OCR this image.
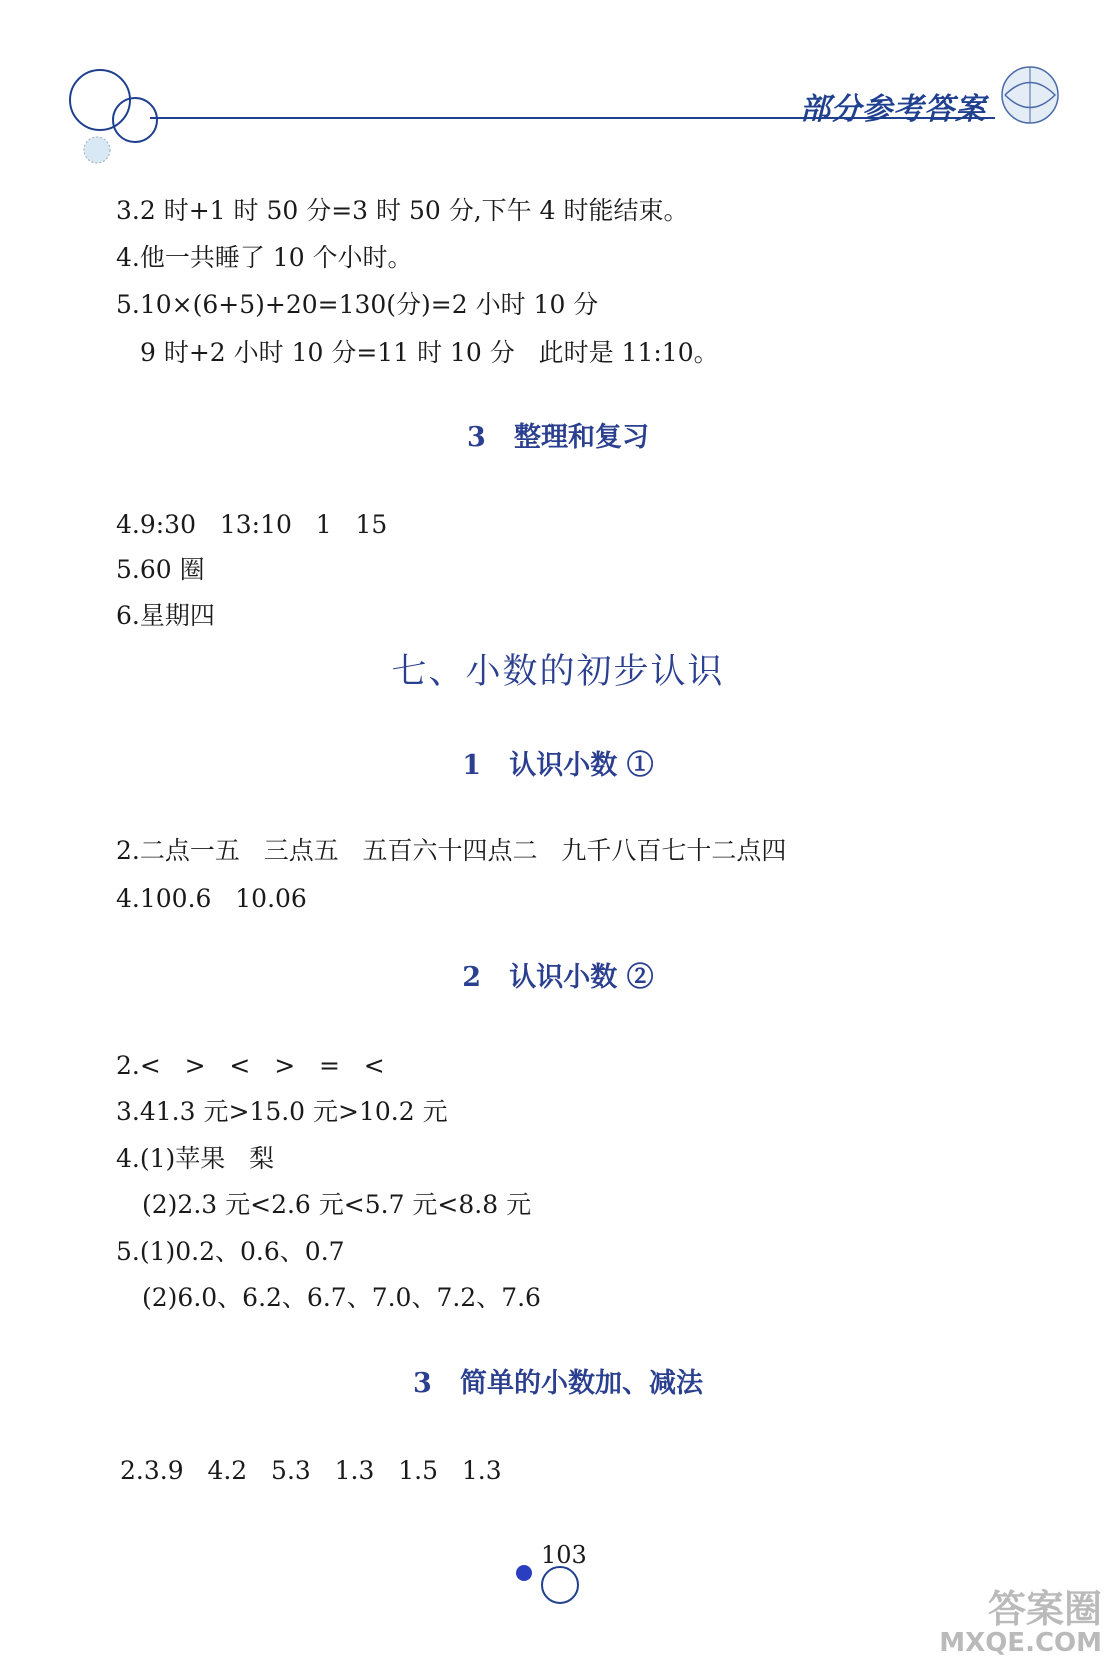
部分参考答案
3.2 时+1 时 50 分=3 时 50 分,下午 4 时能结束。
4.他一共睡了 10 个小时。
5.10×(6+5)+20=130(分)=2 小时 10 分
9 时+2 小时 10 分=11 时 10 分   此时是 11:10。
3   整理和复习
4.9:30   13:10   1   15
5.60 圈
6.星期四
七、小数的初步认识
1   认识小数 ①
2.二点一五   三点五   五百六十四点二   九千八百七十二点四
4.100.6   10.06
2   认识小数 ②
2.<   >   <   >   =   <
3.41.3 元>15.0 元>10.2 元
4.(1)苹果   梨
(2)2.3 元<2.6 元<5.7 元<8.8 元
5.(1)0.2、0.6、0.7
(2)6.0、6.2、6.7、7.0、7.2、7.6
3   简单的小数加、减法
2.3.9   4.2   5.3   1.3   1.5   1.3
103
答案圈
MXQE.COM
